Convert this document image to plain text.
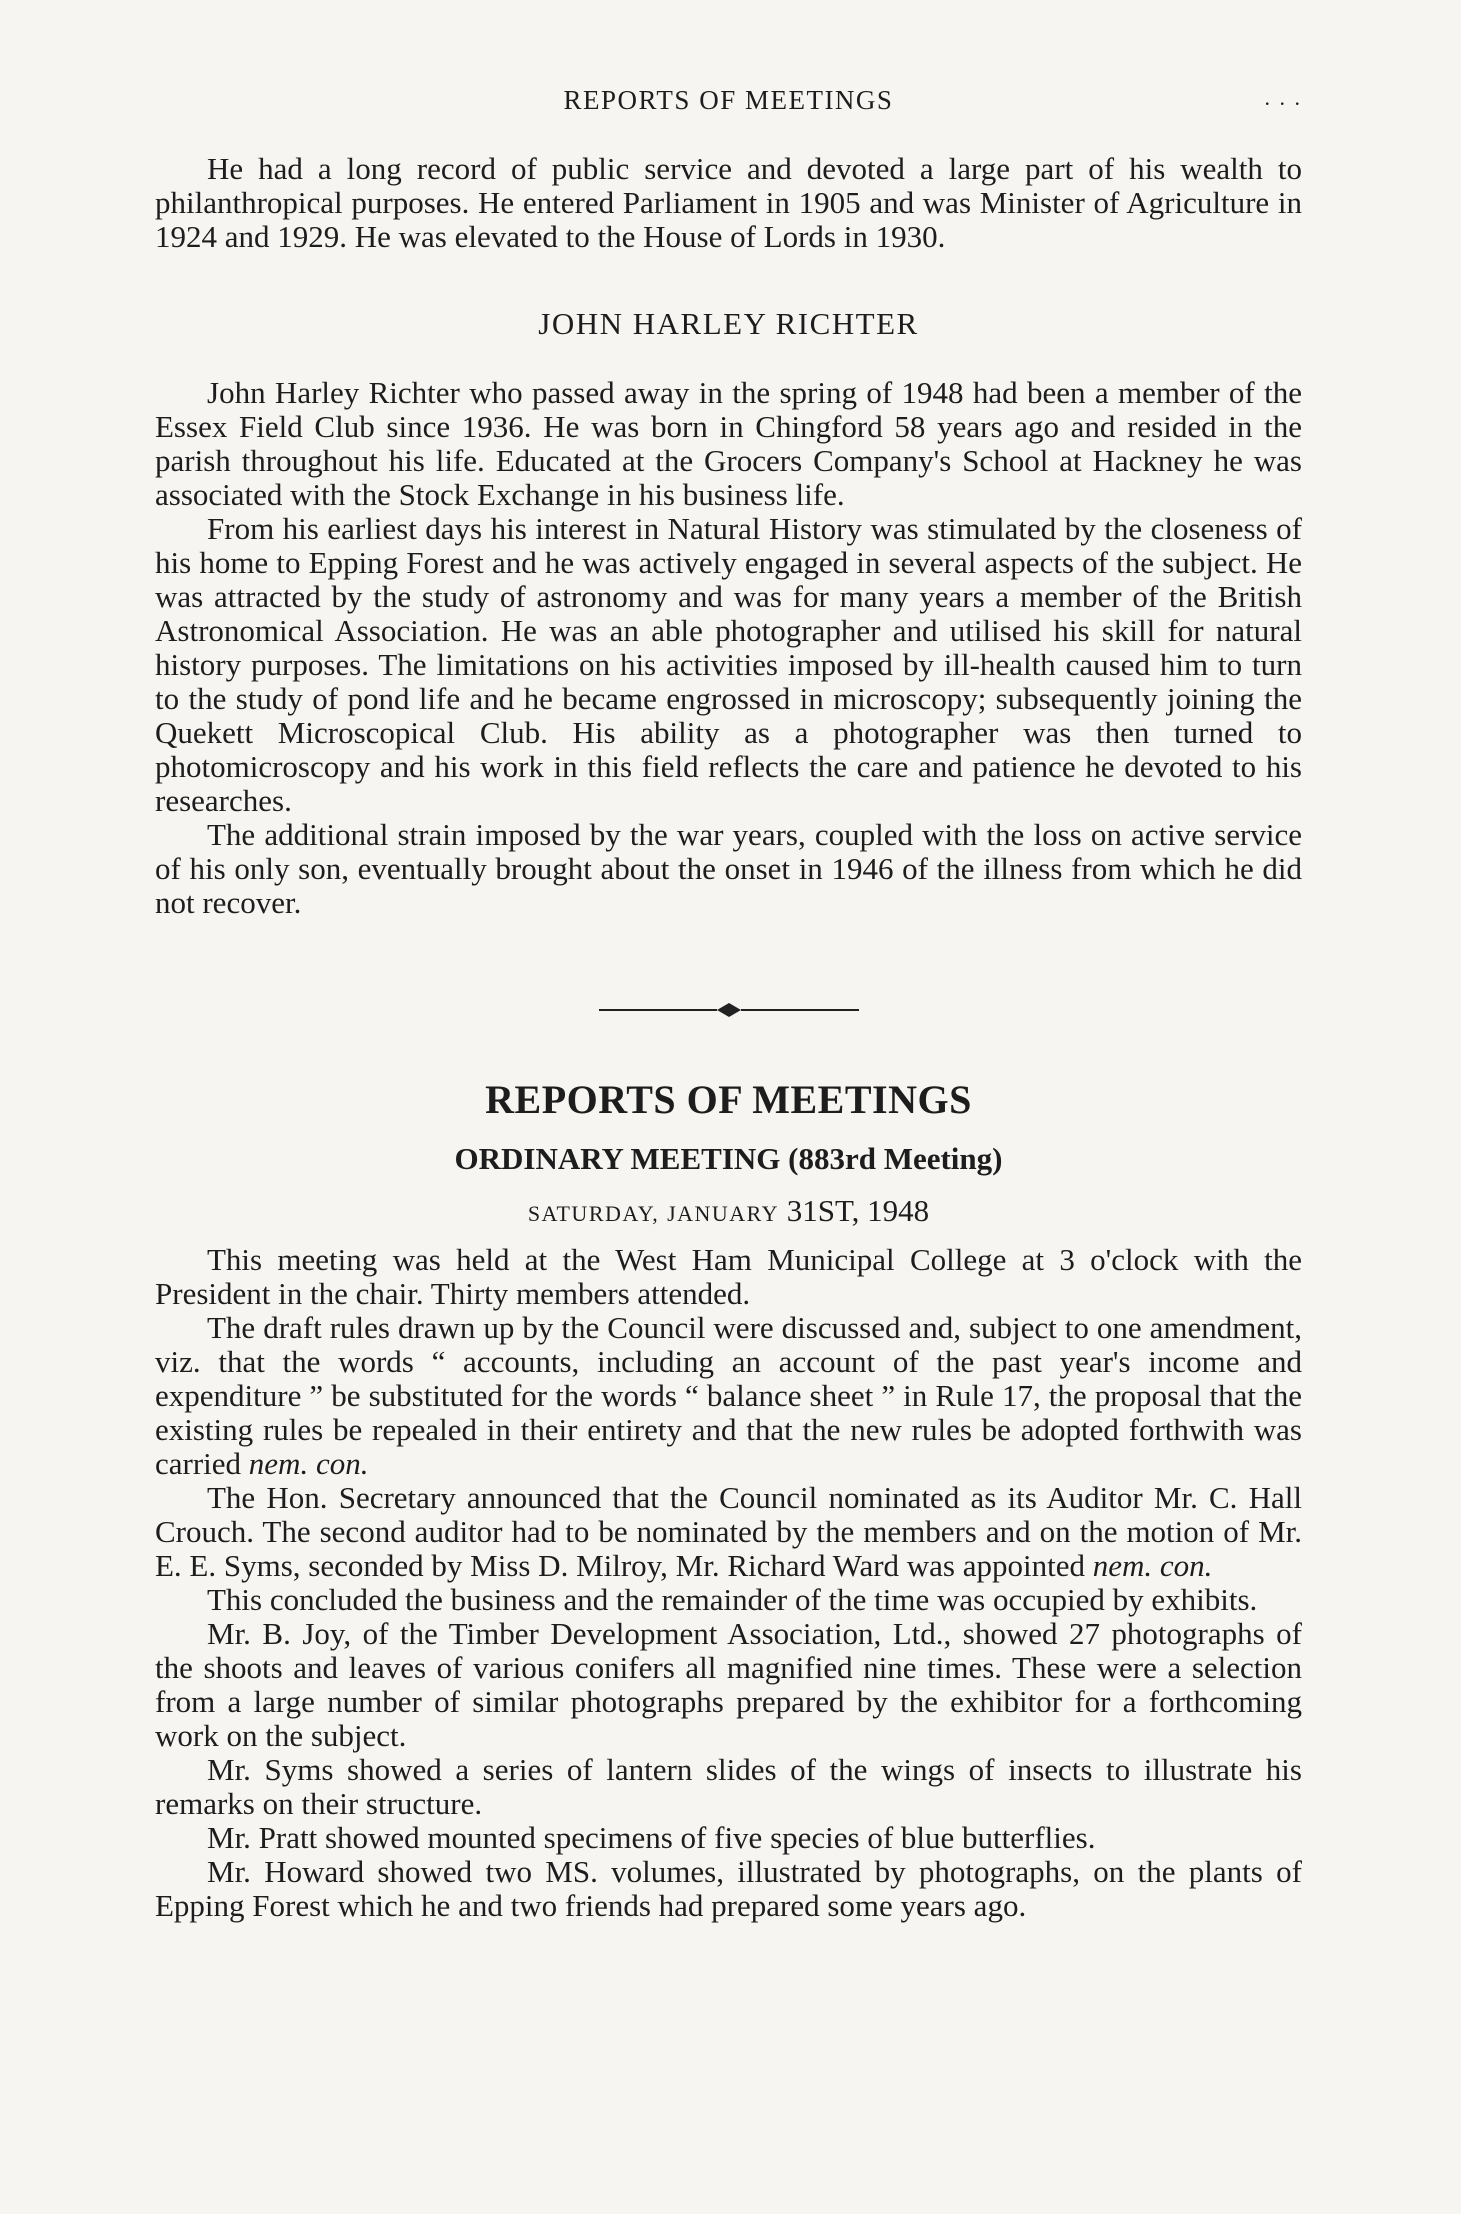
REPORTS OF MEETINGS	. . .

He had a long record of public service and devoted a large part of his wealth to philanthropical purposes. He entered Parliament in 1905 and was Minister of Agriculture in 1924 and 1929. He was elevated to the House of Lords in 1930.

JOHN HARLEY RICHTER

John Harley Richter who passed away in the spring of 1948 had been a member of the Essex Field Club since 1936. He was born in Chingford 58 years ago and resided in the parish throughout his life. Educated at the Grocers Company's School at Hackney he was associated with the Stock Exchange in his business life.

From his earliest days his interest in Natural History was stimulated by the closeness of his home to Epping Forest and he was actively engaged in several aspects of the subject. He was attracted by the study of astronomy and was for many years a member of the British Astronomical Association. He was an able photographer and utilised his skill for natural history purposes. The limitations on his activities imposed by ill-health caused him to turn to the study of pond life and he became engrossed in microscopy; subsequently joining the Quekett Microscopical Club. His ability as a photographer was then turned to photomicroscopy and his work in this field reflects the care and patience he devoted to his researches.

The additional strain imposed by the war years, coupled with the loss on active service of his only son, eventually brought about the onset in 1946 of the illness from which he did not recover.

REPORTS OF MEETINGS
ORDINARY MEETING (883rd Meeting)
SATURDAY, JANUARY 31ST, 1948

This meeting was held at the West Ham Municipal College at 3 o'clock with the President in the chair. Thirty members attended.

The draft rules drawn up by the Council were discussed and, subject to one amendment, viz. that the words “ accounts, including an account of the past year's income and expenditure ” be substituted for the words “ balance sheet ” in Rule 17, the proposal that the existing rules be repealed in their entirety and that the new rules be adopted forthwith was carried nem. con.

The Hon. Secretary announced that the Council nominated as its Auditor Mr. C. Hall Crouch. The second auditor had to be nominated by the members and on the motion of Mr. E. E. Syms, seconded by Miss D. Milroy, Mr. Richard Ward was appointed nem. con.

This concluded the business and the remainder of the time was occupied by exhibits.

Mr. B. Joy, of the Timber Development Association, Ltd., showed 27 photographs of the shoots and leaves of various conifers all magnified nine times. These were a selection from a large number of similar photographs prepared by the exhibitor for a forthcoming work on the subject.

Mr. Syms showed a series of lantern slides of the wings of insects to illustrate his remarks on their structure.

Mr. Pratt showed mounted specimens of five species of blue butterflies.

Mr. Howard showed two MS. volumes, illustrated by photographs, on the plants of Epping Forest which he and two friends had prepared some years ago.
